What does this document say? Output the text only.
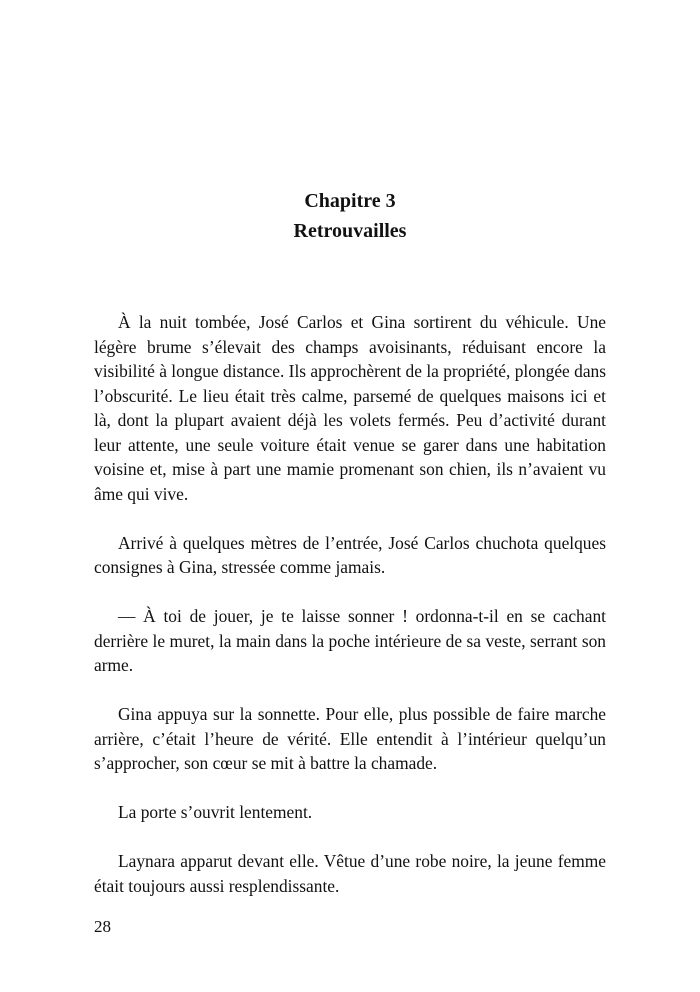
Chapitre 3
Retrouvailles

À la nuit tombée, José Carlos et Gina sortirent du véhicule. Une légère brume s’élevait des champs avoisinants, réduisant encore la visibilité à longue distance. Ils approchèrent de la propriété, plongée dans l’obscurité. Le lieu était très calme, parsemé de quelques maisons ici et là, dont la plupart avaient déjà les volets fermés. Peu d’activité durant leur attente, une seule voiture était venue se garer dans une habitation voisine et, mise à part une mamie promenant son chien, ils n’avaient vu âme qui vive.

Arrivé à quelques mètres de l’entrée, José Carlos chuchota quelques consignes à Gina, stressée comme jamais.

— À toi de jouer, je te laisse sonner ! ordonna-t-il en se cachant derrière le muret, la main dans la poche intérieure de sa veste, serrant son arme.

Gina appuya sur la sonnette. Pour elle, plus possible de faire marche arrière, c’était l’heure de vérité. Elle entendit à l’intérieur quelqu’un s’approcher, son cœur se mit à battre la chamade.

La porte s’ouvrit lentement.

Laynara apparut devant elle. Vêtue d’une robe noire, la jeune femme était toujours aussi resplendissante.

28
